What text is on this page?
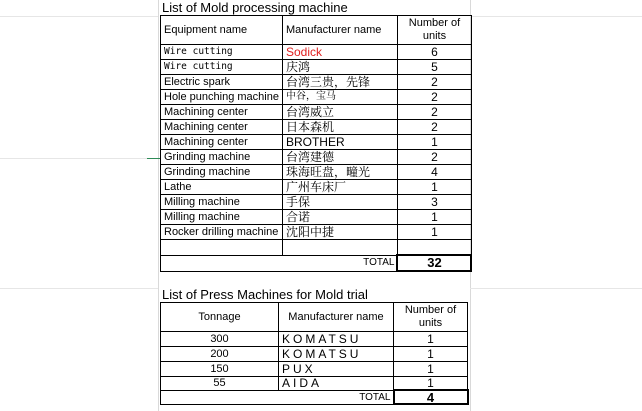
List of Mold processing machine
Equipment name	Manufacturer name	Number of units
Wire cutting	Sodick	6
Wire cutting	庆鸿	5
Electric spark	台湾三贵，先锋	2
Hole punching machine	中谷，宝马	2
Machining center	台湾威立	2
Machining center	日本森机	2
Machining center	BROTHER	1
Grinding machine	台湾建德	2
Grinding machine	珠海旺盘，疃光	4
Lathe	广州车床厂	1
Milling machine	手保	3
Milling machine	合诺	1
Rocker drilling machine	沈阳中捷	1

	TOTAL	32
List of Press Machines for Mold trial
Tonnage	Manufacturer name	Number of units
300	KOMATSU	1
200	KOMATSU	1
150	PUX	1
55	AIDA	1
	TOTAL	4
